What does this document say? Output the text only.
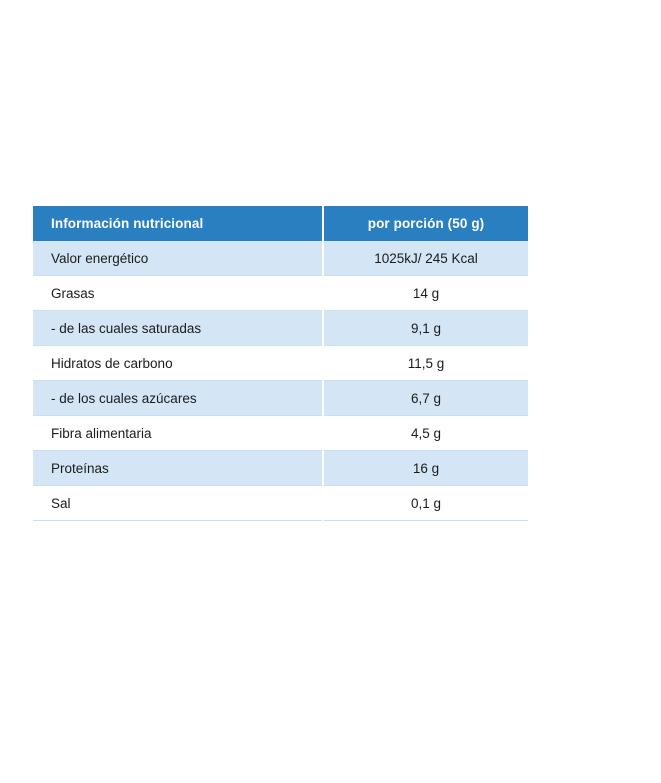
Información nutricional	por porción (50 g)
Valor energético	1025kJ/ 245 Kcal
Grasas	14 g
- de las cuales saturadas	9,1 g
Hidratos de carbono	11,5 g
- de los cuales azúcares	6,7 g
Fibra alimentaria	4,5 g
Proteínas	16 g
Sal	0,1 g
